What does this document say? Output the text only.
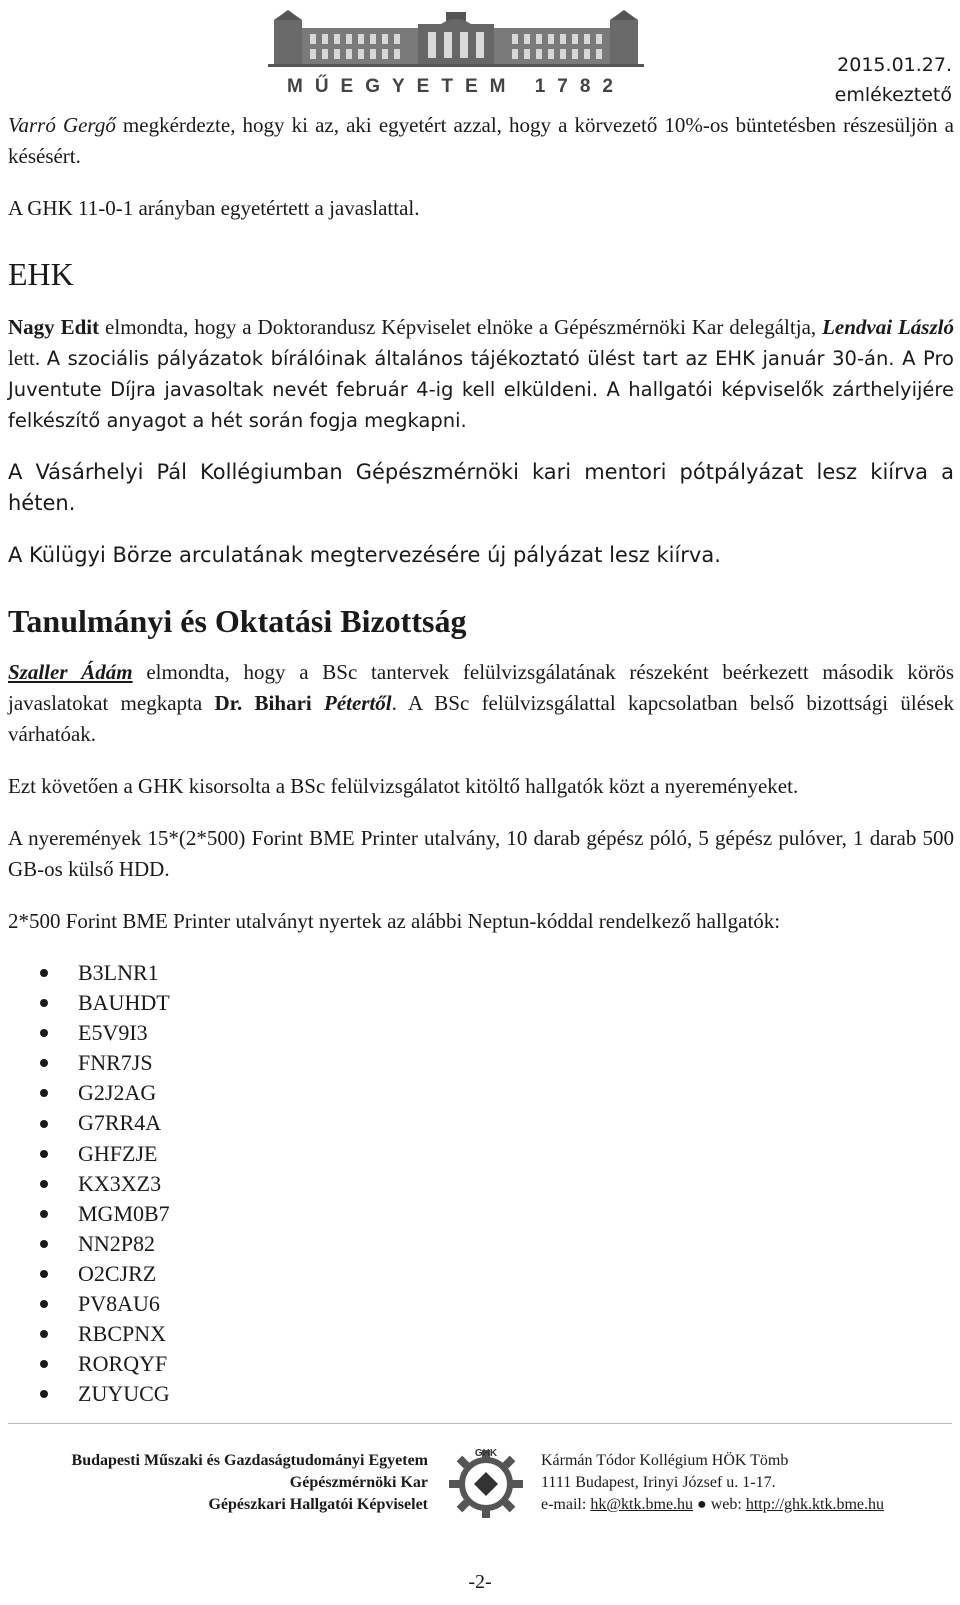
MŰEGYETEM 1782
2015.01.27.
emlékeztető

Varró Gergő megkérdezte, hogy ki az, aki egyetért azzal, hogy a körvezető 10%-os büntetésben részesüljön a késésért.

A GHK 11-0-1 arányban egyetértett a javaslattal.

EHK

Nagy Edit elmondta, hogy a Doktorandusz Képviselet elnöke a Gépészmérnöki Kar delegáltja, Lendvai László lett. A szociális pályázatok bírálóinak általános tájékoztató ülést tart az EHK január 30-án. A Pro Juventute Díjra javasoltak nevét február 4-ig kell elküldeni. A hallgatói képviselők zárthelyijére felkészítő anyagot a hét során fogja megkapni.

A Vásárhelyi Pál Kollégiumban Gépészmérnöki kari mentori pótpályázat lesz kiírva a héten.

A Külügyi Börze arculatának megtervezésére új pályázat lesz kiírva.

Tanulmányi és Oktatási Bizottság

Szaller Ádám elmondta, hogy a BSc tantervek felülvizsgálatának részeként beérkezett második körös javaslatokat megkapta Dr. Bihari Pétertől. A BSc felülvizsgálattal kapcsolatban belső bizottsági ülések várhatóak.

Ezt követően a GHK kisorsolta a BSc felülvizsgálatot kitöltő hallgatók közt a nyereményeket.

A nyeremények 15*(2*500) Forint BME Printer utalvány, 10 darab gépész póló, 5 gépész pulóver, 1 darab 500 GB-os külső HDD.

2*500 Forint BME Printer utalványt nyertek az alábbi Neptun-kóddal rendelkező hallgatók:

B3LNR1
BAUHDT
E5V9I3
FNR7JS
G2J2AG
G7RR4A
GHFZJE
KX3XZ3
MGM0B7
NN2P82
O2CJRZ
PV8AU6
RBCPNX
RORQYF
ZUYUCG
Budapesti Műszaki és Gazdaságtudományi Egyetem
Gépészmérnöki Kar
Gépészkari Hallgatói Képviselet
GHK	Kármán Tódor Kollégium HÖK Tömb
1111 Budapest, Irinyi József u. 1-17.
e-mail: hk@ktk.bme.hu ● web: http://ghk.ktk.bme.hu
-2-
